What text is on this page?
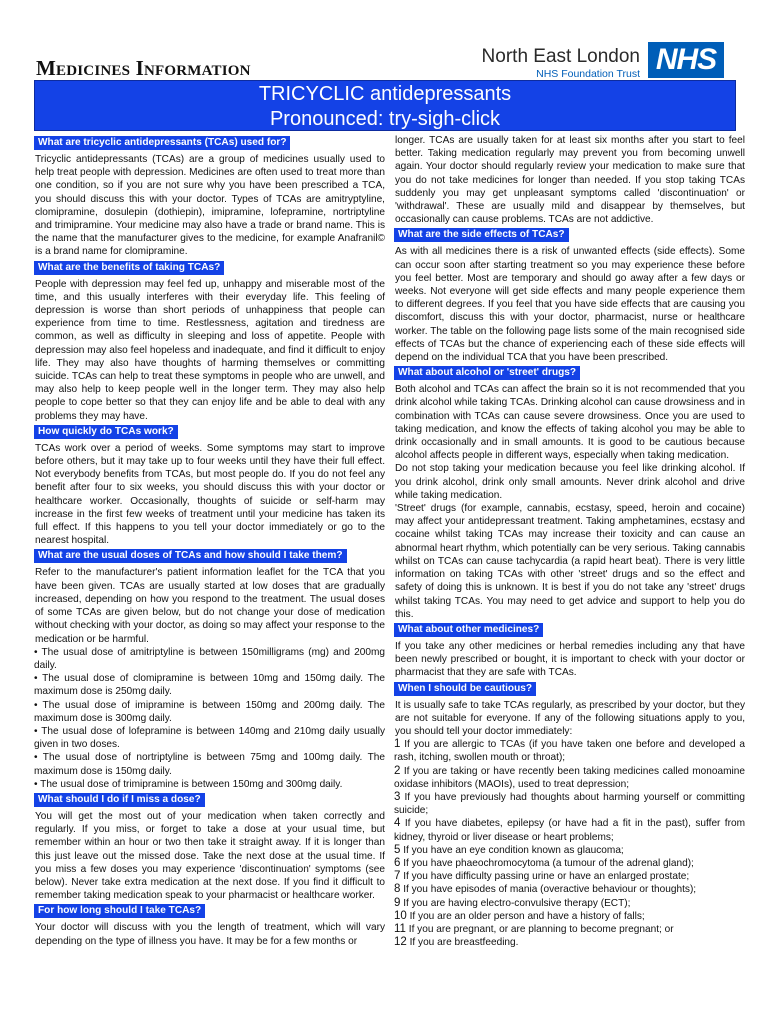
Medicines Information	North East London
NHS Foundation Trust NHS
TRICYCLIC antidepressants
Pronounced: try-sigh-click
What are tricyclic antidepressants (TCAs) used for?

Tricyclic antidepressants (TCAs) are a group of medicines usually used to help treat people with depression. Medicines are often used to treat more than one condition, so if you are not sure why you have been prescribed a TCA, you should discuss this with your doctor. Types of TCAs are amitryptyline, clomipramine, dosulepin (dothiepin), imipramine, lofepramine, nortriptyline and trimipramine. Your medicine may also have a trade or brand name. This is the name that the manufacturer gives to the medicine, for example Anafranil© is a brand name for clomipramine.

What are the benefits of taking TCAs?

People with depression may feel fed up, unhappy and miserable most of the time, and this usually interferes with their everyday life. This feeling of depression is worse than short periods of unhappiness that people can experience from time to time. Restlessness, agitation and tiredness are common, as well as difficulty in sleeping and loss of appetite. People with depression may also feel hopeless and inadequate, and find it difficult to enjoy life. They may also have thoughts of harming themselves or committing suicide. TCAs can help to treat these symptoms in people who are unwell, and may also help to keep people well in the longer term. They may also help people to cope better so that they can enjoy life and be able to deal with any problems they may have.

How quickly do TCAs work?

TCAs work over a period of weeks. Some symptoms may start to improve before others, but it may take up to four weeks until they have their full effect. Not everybody benefits from TCAs, but most people do. If you do not feel any benefit after four to six weeks, you should discuss this with your doctor or healthcare worker. Occasionally, thoughts of suicide or self-harm may increase in the first few weeks of treatment until your medicine has taken its full effect. If this happens to you tell your doctor immediately or go to the nearest hospital.

What are the usual doses of TCAs and how should I take them?

Refer to the manufacturer's patient information leaflet for the TCA that you have been given. TCAs are usually started at low doses that are gradually increased, depending on how you respond to the treatment. The usual doses of some TCAs are given below, but do not change your dose of medication without checking with your doctor, as doing so may affect your response to the medication or be harmful.

• The usual dose of amitriptyline is between 150milligrams (mg) and 200mg daily.

• The usual dose of clomipramine is between 10mg and 150mg daily. The maximum dose is 250mg daily.

• The usual dose of imipramine is between 150mg and 200mg daily. The maximum dose is 300mg daily.

• The usual dose of lofepramine is between 140mg and 210mg daily usually given in two doses.

• The usual dose of nortriptyline is between 75mg and 100mg daily. The maximum dose is 150mg daily.

• The usual dose of trimipramine is between 150mg and 300mg daily.

What should I do if I miss a dose?

You will get the most out of your medication when taken correctly and regularly. If you miss, or forget to take a dose at your usual time, but remember within an hour or two then take it straight away. If it is longer than this just leave out the missed dose. Take the next dose at the usual time. If you miss a few doses you may experience 'discontinuation' symptoms (see below). Never take extra medication at the next dose. If you find it difficult to remember taking medication speak to your pharmacist or healthcare worker.

For how long should I take TCAs?

Your doctor will discuss with you the length of treatment, which will vary depending on the type of illness you have. It may be for a few months or

longer. TCAs are usually taken for at least six months after you start to feel better. Taking medication regularly may prevent you from becoming unwell again. Your doctor should regularly review your medication to make sure that you do not take medicines for longer than needed. If you stop taking TCAs suddenly you may get unpleasant symptoms called 'discontinuation' or 'withdrawal'. These are usually mild and disappear by themselves, but occasionally can cause problems. TCAs are not addictive.

What are the side effects of TCAs?

As with all medicines there is a risk of unwanted effects (side effects). Some can occur soon after starting treatment so you may experience these before you feel better. Most are temporary and should go away after a few days or weeks. Not everyone will get side effects and many people experience them to different degrees. If you feel that you have side effects that are causing you discomfort, discuss this with your doctor, pharmacist, nurse or healthcare worker. The table on the following page lists some of the main recognised side effects of TCAs but the chance of experiencing each of these side effects will depend on the individual TCA that you have been prescribed.

What about alcohol or 'street' drugs?

Both alcohol and TCAs can affect the brain so it is not recommended that you drink alcohol while taking TCAs. Drinking alcohol can cause drowsiness and in combination with TCAs can cause severe drowsiness. Once you are used to taking medication, and know the effects of taking alcohol you may be able to drink occasionally and in small amounts. It is good to be cautious because alcohol affects people in different ways, especially when taking medication.

Do not stop taking your medication because you feel like drinking alcohol. If you drink alcohol, drink only small amounts. Never drink alcohol and drive while taking medication.

'Street' drugs (for example, cannabis, ecstasy, speed, heroin and cocaine) may affect your antidepressant treatment. Taking amphetamines, ecstasy and cocaine whilst taking TCAs may increase their toxicity and can cause an abnormal heart rhythm, which potentially can be very serious. Taking cannabis whilst on TCAs can cause tachycardia (a rapid heart beat). There is very little information on taking TCAs with other 'street' drugs and so the effect and safety of doing this is unknown. It is best if you do not take any 'street' drugs whilst taking TCAs. You may need to get advice and support to help you do this.

What about other medicines?

If you take any other medicines or herbal remedies including any that have been newly prescribed or bought, it is important to check with your doctor or pharmacist that they are safe with TCAs.

When I should be cautious?

It is usually safe to take TCAs regularly, as prescribed by your doctor, but they are not suitable for everyone. If any of the following situations apply to you, you should tell your doctor immediately:

1 If you are allergic to TCAs (if you have taken one before and developed a rash, itching, swollen mouth or throat);

2 If you are taking or have recently been taking medicines called monoamine oxidase inhibitors (MAOIs), used to treat depression;

3 If you have previously had thoughts about harming yourself or committing suicide;

4 If you have diabetes, epilepsy (or have had a fit in the past), suffer from kidney, thyroid or liver disease or heart problems;

5 If you have an eye condition known as glaucoma;

6 If you have phaeochromocytoma (a tumour of the adrenal gland);

7 If you have difficulty passing urine or have an enlarged prostate;

8 If you have episodes of mania (overactive behaviour or thoughts);

9 If you are having electro-convulsive therapy (ECT);

10 If you are an older person and have a history of falls;

11 If you are pregnant, or are planning to become pregnant; or

12 If you are breastfeeding.
